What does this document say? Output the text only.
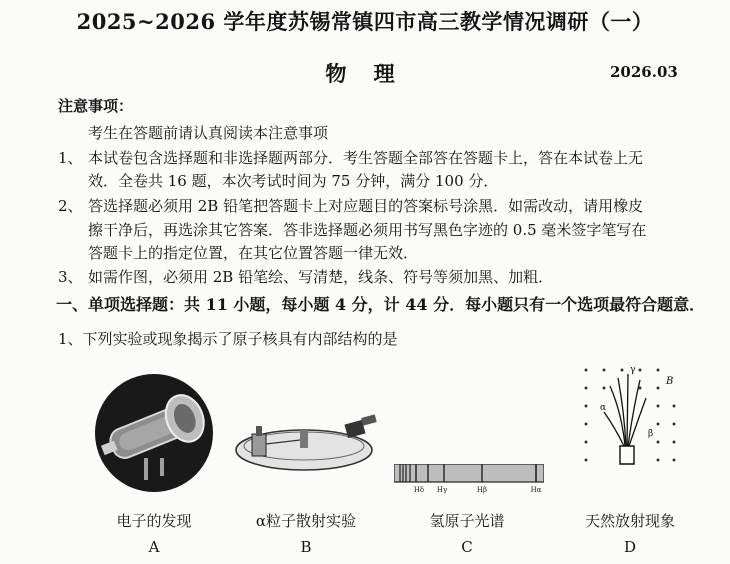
2025~2026 学年度苏锡常镇四市高三教学情况调研（一）
物 理	2026.03
注意事项：
考生在答题前请认真阅读本注意事项
1、 本试卷包含选择题和非选择题两部分．考生答题全部答在答题卡上，答在本试卷上无
效．全卷共 16 题，本次考试时间为 75 分钟，满分 100 分．
2、 答选择题必须用 2B 铅笔把答题卡上对应题目的答案标号涂黑．如需改动，请用橡皮
擦干净后，再选涂其它答案．答非选择题必须用书写黑色字迹的 0.5 毫米签字笔写在
答题卡上的指定位置，在其它位置答题一律无效．
3、 如需作图，必须用 2B 铅笔绘、写清楚，线条、符号等须加黑、加粗．
一、单项选择题：共 11 小题，每小题 4 分，计 44 分．每小题只有一个选项最符合题意．
1、下列实验或现象揭示了原子核具有内部结构的是
Hδ Hγ	Hβ	Hα
B
γ
α
β
电子的发现	α粒子散射实验	氢原子光谱	天然放射现象
A	B	C	D
